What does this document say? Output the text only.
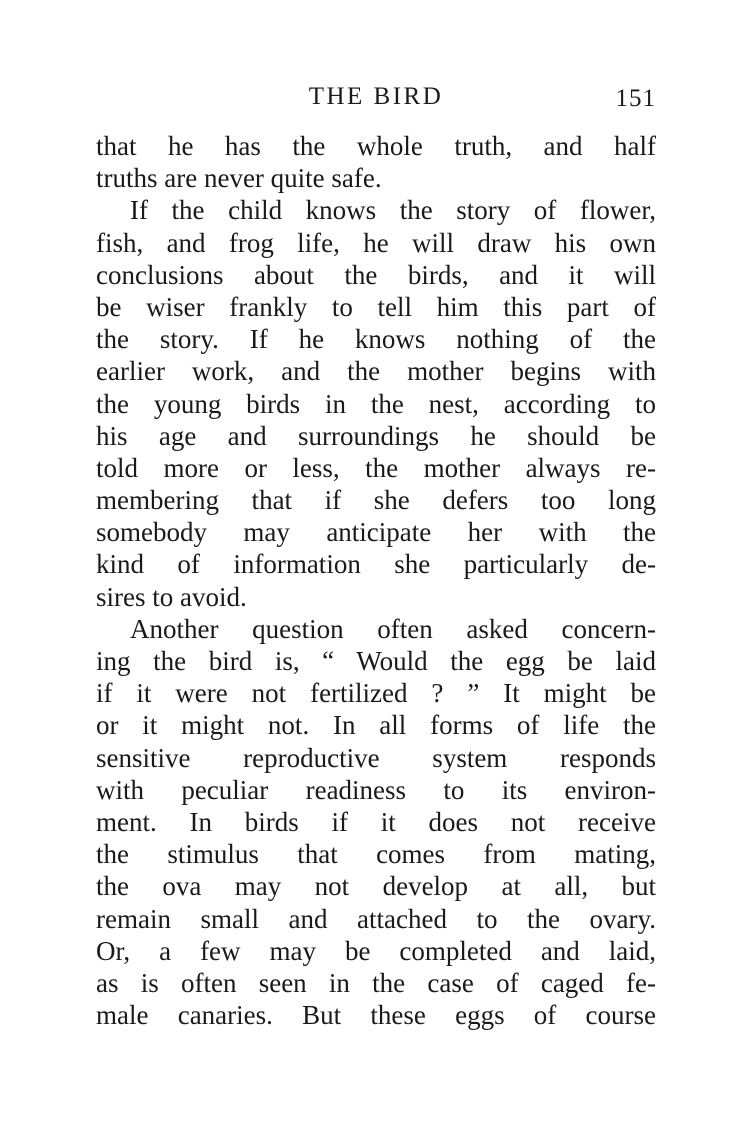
THE BIRD	151
that he has the whole truth, and half
truths are never quite safe.
If the child knows the story of flower,
fish, and frog life, he will draw his own
conclusions about the birds, and it will
be wiser frankly to tell him this part of
the story. If he knows nothing of the
earlier work, and the mother begins with
the young birds in the nest, according to
his age and surroundings he should be
told more or less, the mother always re-
membering that if she defers too long
somebody may anticipate her with the
kind of information she particularly de-
sires to avoid.
Another question often asked concern-
ing the bird is, “ Would the egg be laid
if it were not fertilized ? ” It might be
or it might not. In all forms of life the
sensitive reproductive system responds
with peculiar readiness to its environ-
ment. In birds if it does not receive
the stimulus that comes from mating,
the ova may not develop at all, but
remain small and attached to the ovary.
Or, a few may be completed and laid,
as is often seen in the case of caged fe-
male canaries. But these eggs of course
